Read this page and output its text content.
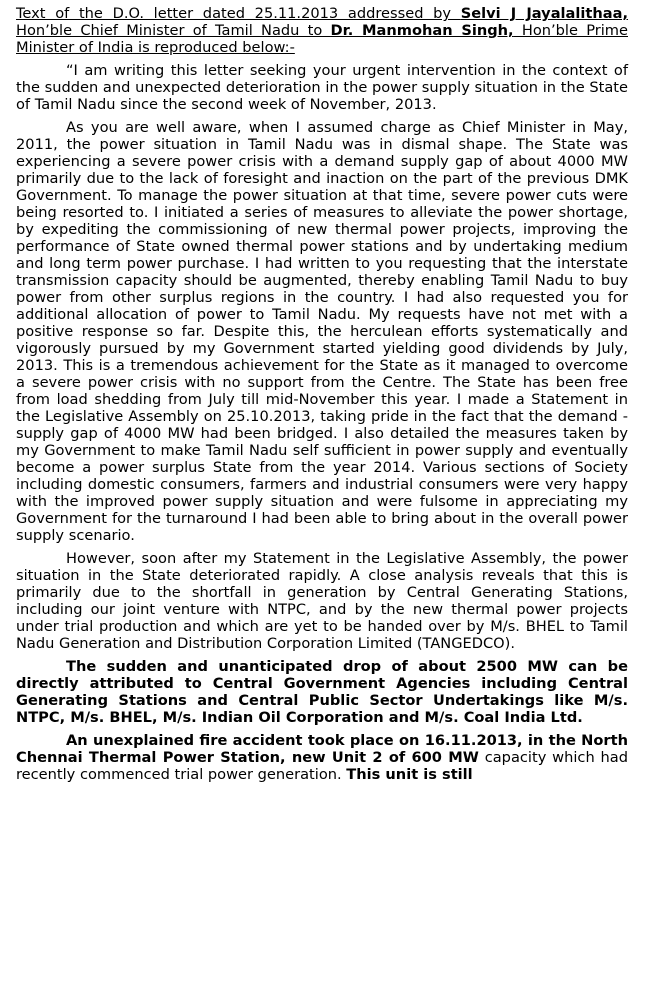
Text of the D.O. letter dated 25.11.2013 addressed by Selvi J Jayalalithaa, Hon’ble Chief Minister of Tamil Nadu to Dr. Manmohan Singh, Hon’ble Prime Minister of India is reproduced below:-

“I am writing this letter seeking your urgent intervention in the context of the sudden and unexpected deterioration in the power supply situation in the State of Tamil Nadu since the second week of November, 2013.

As you are well aware, when I assumed charge as Chief Minister in May, 2011, the power situation in Tamil Nadu was in dismal shape. The State was experiencing a severe power crisis with a demand supply gap of about 4000 MW primarily due to the lack of foresight and inaction on the part of the previous DMK Government. To manage the power situation at that time, severe power cuts were being resorted to. I initiated a series of measures to alleviate the power shortage, by expediting the commissioning of new thermal power projects, improving the performance of State owned thermal power stations and by undertaking medium and long term power purchase. I had written to you requesting that the interstate transmission capacity should be augmented, thereby enabling Tamil Nadu to buy power from other surplus regions in the country. I had also requested you for additional allocation of power to Tamil Nadu. My requests have not met with a positive response so far. Despite this, the herculean efforts systematically and vigorously pursued by my Government started yielding good dividends by July, 2013. This is a tremendous achievement for the State as it managed to overcome a severe power crisis with no support from the Centre. The State has been free from load shedding from July till mid-November this year. I made a Statement in the Legislative Assembly on 25.10.2013, taking pride in the fact that the demand - supply gap of 4000 MW had been bridged. I also detailed the measures taken by my Government to make Tamil Nadu self sufficient in power supply and eventually become a power surplus State from the year 2014. Various sections of Society including domestic consumers, farmers and industrial consumers were very happy with the improved power supply situation and were fulsome in appreciating my Government for the turnaround I had been able to bring about in the overall power supply scenario.

However, soon after my Statement in the Legislative Assembly, the power situation in the State deteriorated rapidly. A close analysis reveals that this is primarily due to the shortfall in generation by Central Generating Stations, including our joint venture with NTPC, and by the new thermal power projects under trial production and which are yet to be handed over by M/s. BHEL to Tamil Nadu Generation and Distribution Corporation Limited (TANGEDCO).

The sudden and unanticipated drop of about 2500 MW can be directly attributed to Central Government Agencies including Central Generating Stations and Central Public Sector Undertakings like M/s. NTPC, M/s. BHEL, M/s. Indian Oil Corporation and M/s. Coal India Ltd.

An unexplained fire accident took place on 16.11.2013, in the North Chennai Thermal Power Station, new Unit 2 of 600 MW capacity which had recently commenced trial power generation. This unit is still
